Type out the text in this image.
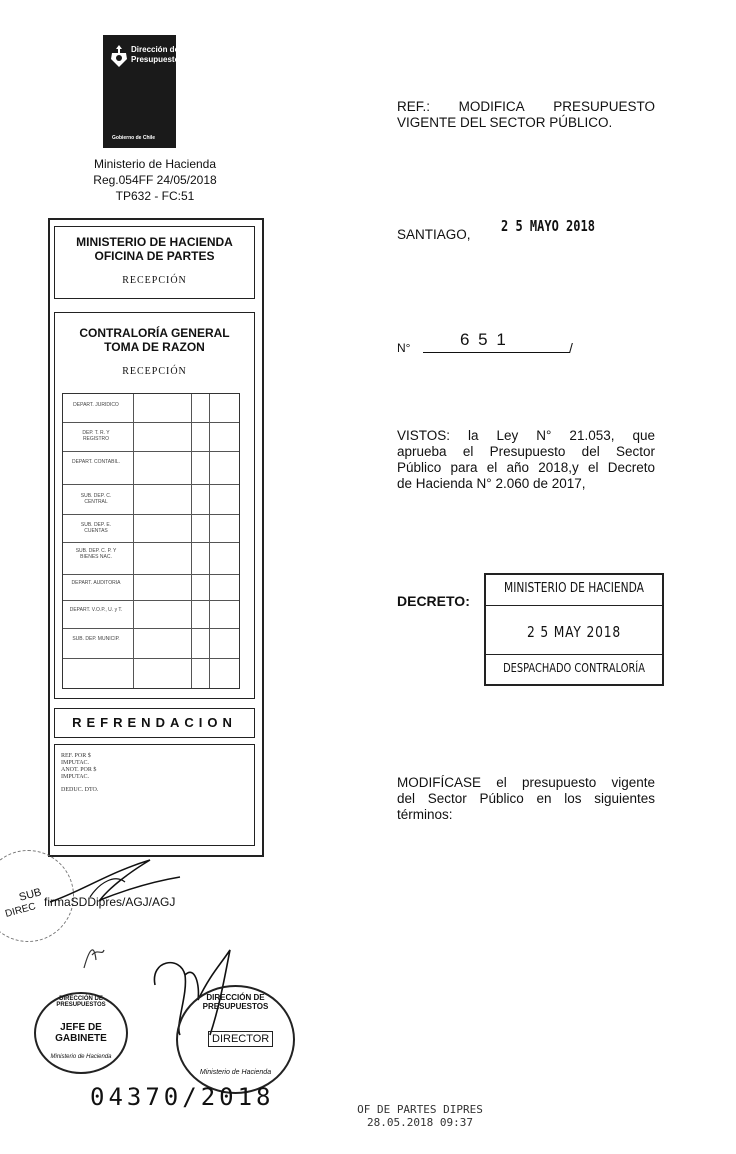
Dirección de
Presupuestos
Gobierno de Chile
Ministerio de Hacienda
Reg.054FF 24/05/2018
TP632 - FC:51
MINISTERIO DE HACIENDA
OFICINA DE PARTES
RECEPCIÓN
CONTRALORÍA GENERAL
TOMA DE RAZON
RECEPCIÓN
DEPART. JURIDICO
DEP. T. R. Y REGISTRO
DEPART. CONTABIL.
SUB. DEP. C. CENTRAL
SUB. DEP. E. CUENTAS
SUB. DEP. C. P. Y BIENES NAC.
DEPART. AUDITORIA
DEPART. V.O.P., U. y T.
SUB. DEP. MUNICIP.
REFRENDACION
REF. POR $
IMPUTAC.
ANOT. POR $
IMPUTAC.
DEDUC. DTO.
REF.: MODIFICA PRESUPUESTO
VIGENTE DEL SECTOR PÚBLICO.
SANTIAGO, 2 5 MAYO 2018
N°	6 5 1	/
VISTOS: la Ley N° 21.053, que
aprueba el Presupuesto del Sector
Público para el año 2018,y el Decreto
de Hacienda N° 2.060 de 2017,
DECRETO:
MINISTERIO DE HACIENDA
2 5 MAY 2018
DESPACHADO CONTRALORÍA
MODIFÍCASE el presupuesto vigente
del Sector Público en los siguientes
términos:
SUB
DIREC firmaSDDipres/AGJ/AGJ
DIRECCIÓN DE PRESUPUESTOS
JEFE DE
GABINETE
Ministerio de Hacienda
DIRECCIÓN DE PRESUPUESTOS
DIRECTOR
Ministerio de Hacienda
04370/2018	OF DE PARTES DIPRES
28.05.2018 09:37
